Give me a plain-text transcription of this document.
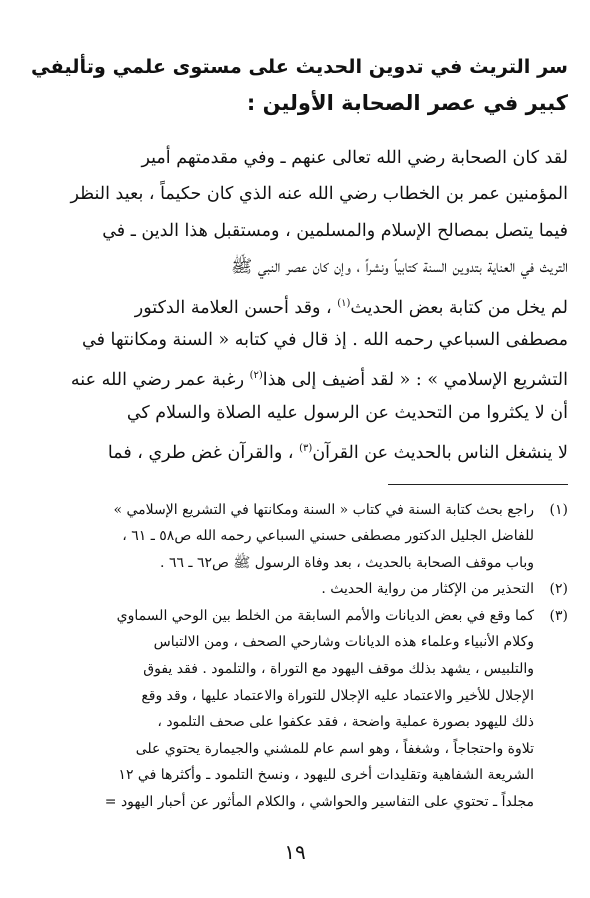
سر التريث في تدوين الحديث على مستوى علمي وتأليفي
كبير في عصر الصحابة الأولين :
لقد كان الصحابة رضي الله تعالى عنهم ـ وفي مقدمتهم أمير
المؤمنين عمر بن الخطاب رضي الله عنه الذي كان حكيماً ، بعيد النظر
فيما يتصل بمصالح الإسلام والمسلمين ، ومستقبل هذا الدين ـ في
التريث في العناية بتدوين السنة كتابياً ونشراً ، وإن كان عصر النبي ﷺ
لم يخل من كتابة بعض الحديث$^{(١)}$ ، وقد أحسن العلامة الدكتور
مصطفى السباعي رحمه الله . إذ قال في كتابه « السنة ومكانتها في
التشريع الإسلامي » : « لقد أضيف إلى هذا$^{(٢)}$ رغبة عمر رضي الله عنه
أن لا يكثروا من التحديث عن الرسول عليه الصلاة والسلام كي
لا ينشغل الناس بالحديث عن القرآن$^{(٣)}$ ، والقرآن غض طري ، فما
(١)
راجع بحث كتابة السنة في كتاب « السنة ومكانتها في التشريع الإسلامي »
للفاضل الجليل الدكتور مصطفى حسني السباعي رحمه الله ص٥٨ ـ ٦١ ،
وباب موقف الصحابة بالحديث ، بعد وفاة الرسول ﷺ ص٦٢ ـ ٦٦ .
(٢)
التحذير من الإكثار من رواية الحديث .
(٣)
كما وقع في بعض الديانات والأمم السابقة من الخلط بين الوحي السماوي
وكلام الأنبياء وعلماء هذه الديانات وشارحي الصحف ، ومن الالتباس
والتلبيس ، يشهد بذلك موقف اليهود مع التوراة ، والتلمود . فقد يفوق
الإجلال للأخير والاعتماد عليه الإجلال للتوراة والاعتماد عليها ، وقد وقع
ذلك لليهود بصورة عملية واضحة ، فقد عكفوا على صحف التلمود ،
تلاوة واحتجاجاً ، وشغفاً ، وهو اسم عام للمشني والجيمارة يحتوي على
الشريعة الشفاهية وتقليدات أخرى لليهود ، ونسخ التلمود ـ وأكثرها في ١٢
مجلداً ـ تحتوي على التفاسير والحواشي ، والكلام المأثور عن أحبار اليهود =
١٩
